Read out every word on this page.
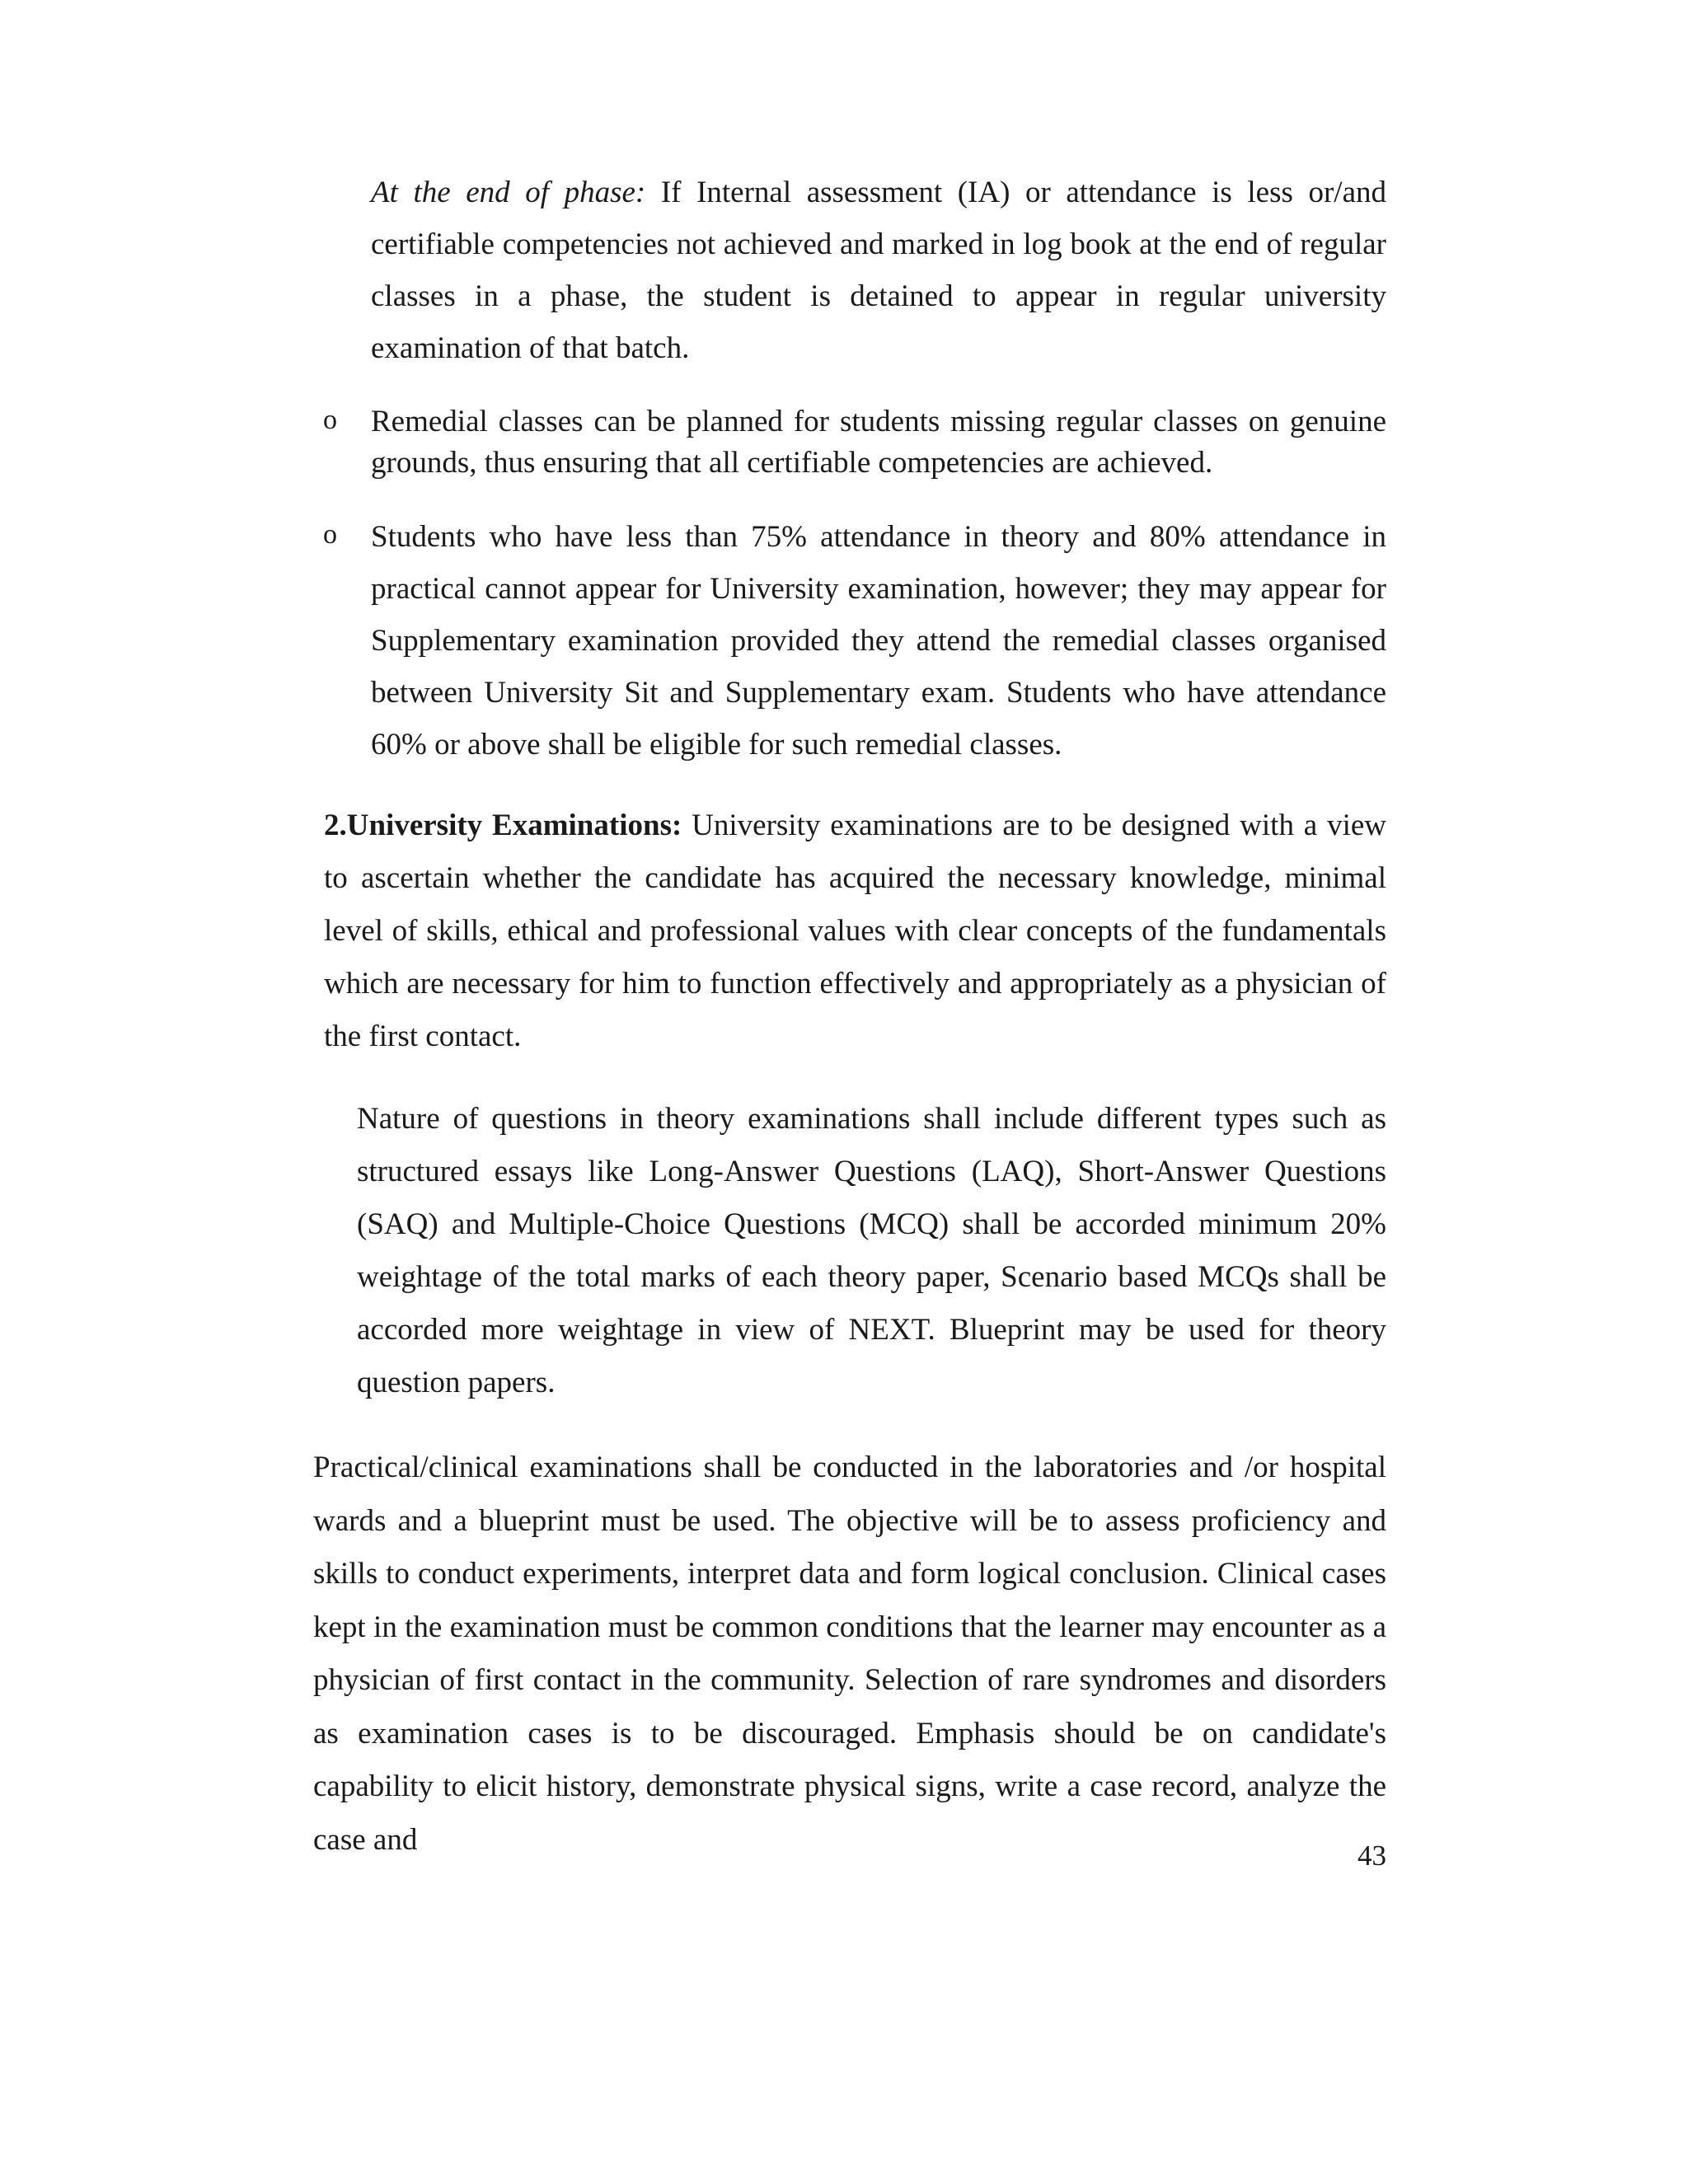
At the end of phase: If Internal assessment (IA) or attendance is less or/and certifiable competencies not achieved and marked in log book at the end of regular classes in a phase, the student is detained to appear in regular university examination of that batch.
o	Remedial classes can be planned for students missing regular classes on genuine grounds, thus ensuring that all certifiable competencies are achieved.
o	Students who have less than 75% attendance in theory and 80% attendance in practical cannot appear for University examination, however; they may appear for Supplementary examination provided they attend the remedial classes organised between University Sit and Supplementary exam. Students who have attendance 60% or above shall be eligible for such remedial classes.
2.University Examinations: University examinations are to be designed with a view to ascertain whether the candidate has acquired the necessary knowledge, minimal level of skills, ethical and professional values with clear concepts of the fundamentals which are necessary for him to function effectively and appropriately as a physician of the first contact.
Nature of questions in theory examinations shall include different types such as structured essays like Long-Answer Questions (LAQ), Short-Answer Questions (SAQ) and Multiple-Choice Questions (MCQ) shall be accorded minimum 20% weightage of the total marks of each theory paper, Scenario based MCQs shall be accorded more weightage in view of NEXT. Blueprint may be used for theory question papers.
Practical/clinical examinations shall be conducted in the laboratories and /or hospital wards and a blueprint must be used. The objective will be to assess proficiency and skills to conduct experiments, interpret data and form logical conclusion. Clinical cases kept in the examination must be common conditions that the learner may encounter as a physician of first contact in the community. Selection of rare syndromes and disorders as examination cases is to be discouraged. Emphasis should be on candidate's capability to elicit history, demonstrate physical signs, write a case record, analyze the case and	43
